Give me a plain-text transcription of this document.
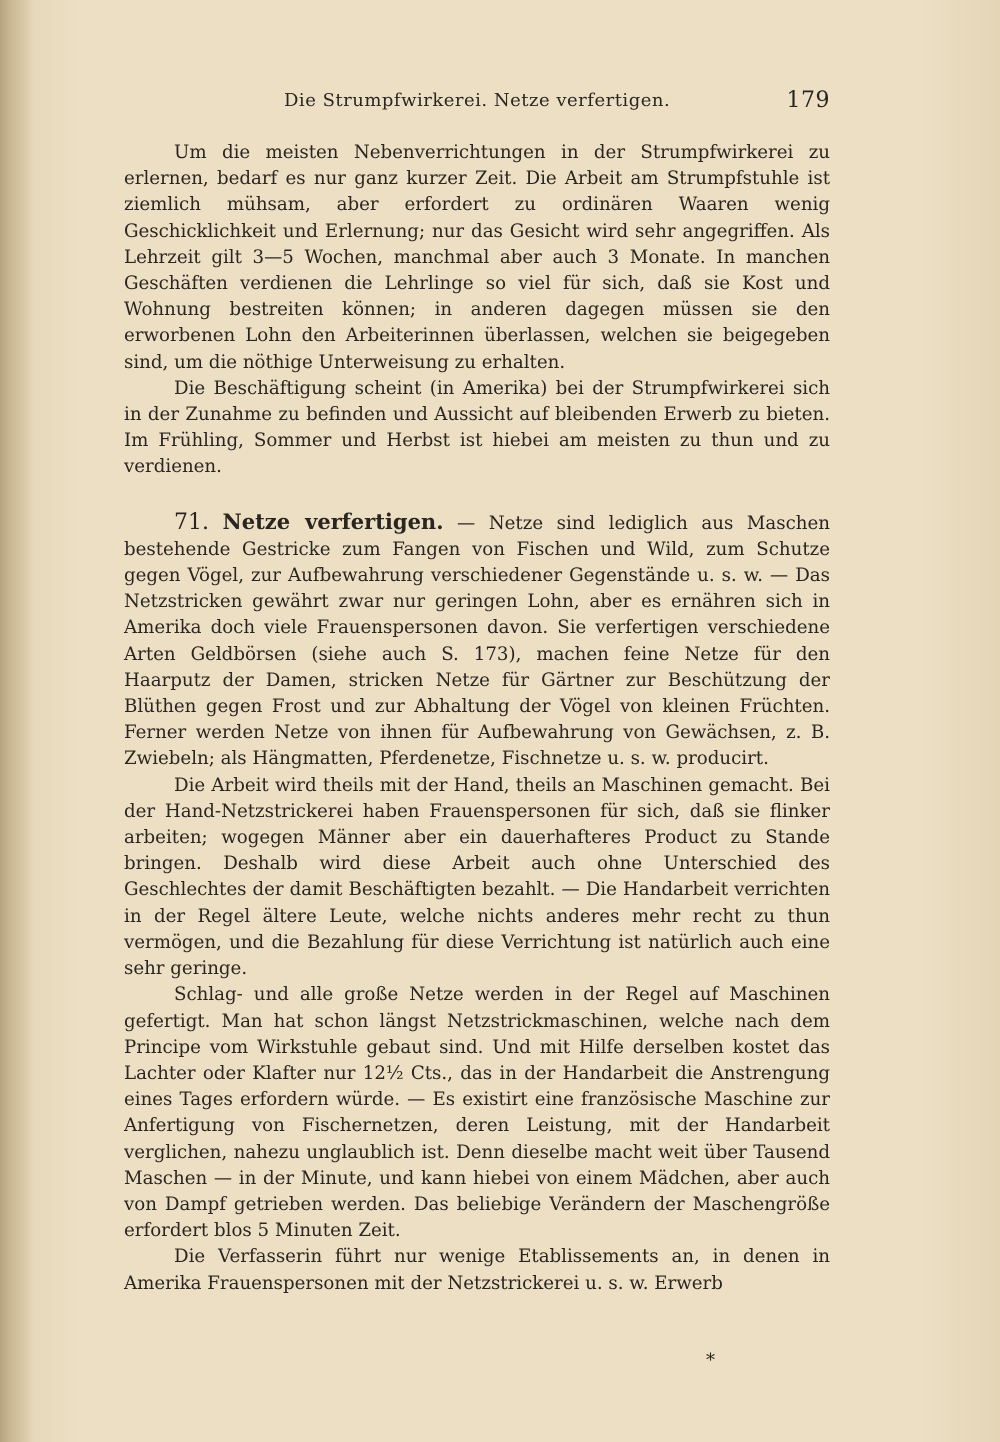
Die Strumpfwirkerei. Netze verfertigen.	179

Um die meisten Nebenverrichtungen in der Strumpfwirkerei zu erlernen, bedarf es nur ganz kurzer Zeit. Die Arbeit am Strumpfstuhle ist ziemlich mühsam, aber erfordert zu ordinären Waaren wenig Geschicklichkeit und Erlernung; nur das Gesicht wird sehr angegriffen. Als Lehrzeit gilt 3—5 Wochen, manchmal aber auch 3 Monate. In manchen Geschäften verdienen die Lehrlinge so viel für sich, daß sie Kost und Wohnung bestreiten können; in anderen dagegen müssen sie den erworbenen Lohn den Arbeiterinnen überlassen, welchen sie beigegeben sind, um die nöthige Unterweisung zu erhalten.

Die Beschäftigung scheint (in Amerika) bei der Strumpfwirkerei sich in der Zunahme zu befinden und Aussicht auf bleibenden Erwerb zu bieten. Im Frühling, Sommer und Herbst ist hiebei am meisten zu thun und zu verdienen.

71. Netze verfertigen. — Netze sind lediglich aus Maschen bestehende Gestricke zum Fangen von Fischen und Wild, zum Schutze gegen Vögel, zur Aufbewahrung verschiedener Gegenstände u. s. w. — Das Netzstricken gewährt zwar nur geringen Lohn, aber es ernähren sich in Amerika doch viele Frauenspersonen davon. Sie verfertigen verschiedene Arten Geldbörsen (siehe auch S. 173), machen feine Netze für den Haarputz der Damen, stricken Netze für Gärtner zur Beschützung der Blüthen gegen Frost und zur Abhaltung der Vögel von kleinen Früchten. Ferner werden Netze von ihnen für Aufbewahrung von Gewächsen, z. B. Zwiebeln; als Hängmatten, Pferdenetze, Fischnetze u. s. w. producirt.

Die Arbeit wird theils mit der Hand, theils an Maschinen gemacht. Bei der Hand-Netzstrickerei haben Frauenspersonen für sich, daß sie flinker arbeiten; wogegen Männer aber ein dauerhafteres Product zu Stande bringen. Deshalb wird diese Arbeit auch ohne Unterschied des Geschlechtes der damit Beschäftigten bezahlt. — Die Handarbeit verrichten in der Regel ältere Leute, welche nichts anderes mehr recht zu thun vermögen, und die Bezahlung für diese Verrichtung ist natürlich auch eine sehr geringe.

Schlag- und alle große Netze werden in der Regel auf Maschinen gefertigt. Man hat schon längst Netzstrickmaschinen, welche nach dem Principe vom Wirkstuhle gebaut sind. Und mit Hilfe derselben kostet das Lachter oder Klafter nur 12½ Cts., das in der Handarbeit die Anstrengung eines Tages erfordern würde. — Es existirt eine französische Maschine zur Anfertigung von Fischernetzen, deren Leistung, mit der Handarbeit verglichen, nahezu unglaublich ist. Denn dieselbe macht weit über Tausend Maschen — in der Minute, und kann hiebei von einem Mädchen, aber auch von Dampf getrieben werden. Das beliebige Verändern der Maschengröße erfordert blos 5 Minuten Zeit.

Die Verfasserin führt nur wenige Etablissements an, in denen in Amerika Frauenspersonen mit der Netzstrickerei u. s. w. Erwerb

*
